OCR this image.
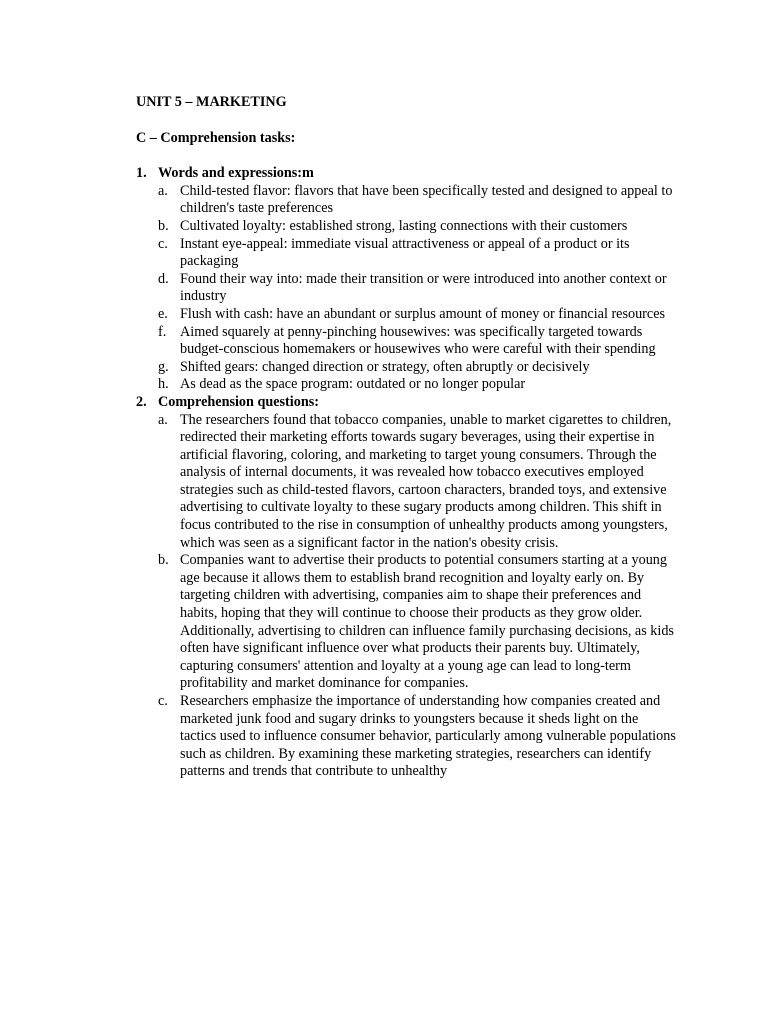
UNIT 5 – MARKETING
C – Comprehension tasks:
1. Words and expressions:m
a. Child-tested flavor: flavors that have been specifically tested and designed to appeal to children's taste preferences
b. Cultivated loyalty: established strong, lasting connections with their customers
c. Instant eye-appeal: immediate visual attractiveness or appeal of a product or its packaging
d. Found their way into: made their transition or were introduced into another context or industry
e. Flush with cash: have an abundant or surplus amount of money or financial resources
f. Aimed squarely at penny-pinching housewives: was specifically targeted towards budget-conscious homemakers or housewives who were careful with their spending
g. Shifted gears: changed direction or strategy, often abruptly or decisively
h. As dead as the space program: outdated or no longer popular
2. Comprehension questions:
a. The researchers found that tobacco companies, unable to market cigarettes to children, redirected their marketing efforts towards sugary beverages, using their expertise in artificial flavoring, coloring, and marketing to target young consumers. Through the analysis of internal documents, it was revealed how tobacco executives employed strategies such as child-tested flavors, cartoon characters, branded toys, and extensive advertising to cultivate loyalty to these sugary products among children. This shift in focus contributed to the rise in consumption of unhealthy products among youngsters, which was seen as a significant factor in the nation's obesity crisis.
b. Companies want to advertise their products to potential consumers starting at a young age because it allows them to establish brand recognition and loyalty early on. By targeting children with advertising, companies aim to shape their preferences and habits, hoping that they will continue to choose their products as they grow older. Additionally, advertising to children can influence family purchasing decisions, as kids often have significant influence over what products their parents buy. Ultimately, capturing consumers' attention and loyalty at a young age can lead to long-term profitability and market dominance for companies.
c. Researchers emphasize the importance of understanding how companies created and marketed junk food and sugary drinks to youngsters because it sheds light on the tactics used to influence consumer behavior, particularly among vulnerable populations such as children. By examining these marketing strategies, researchers can identify patterns and trends that contribute to unhealthy
